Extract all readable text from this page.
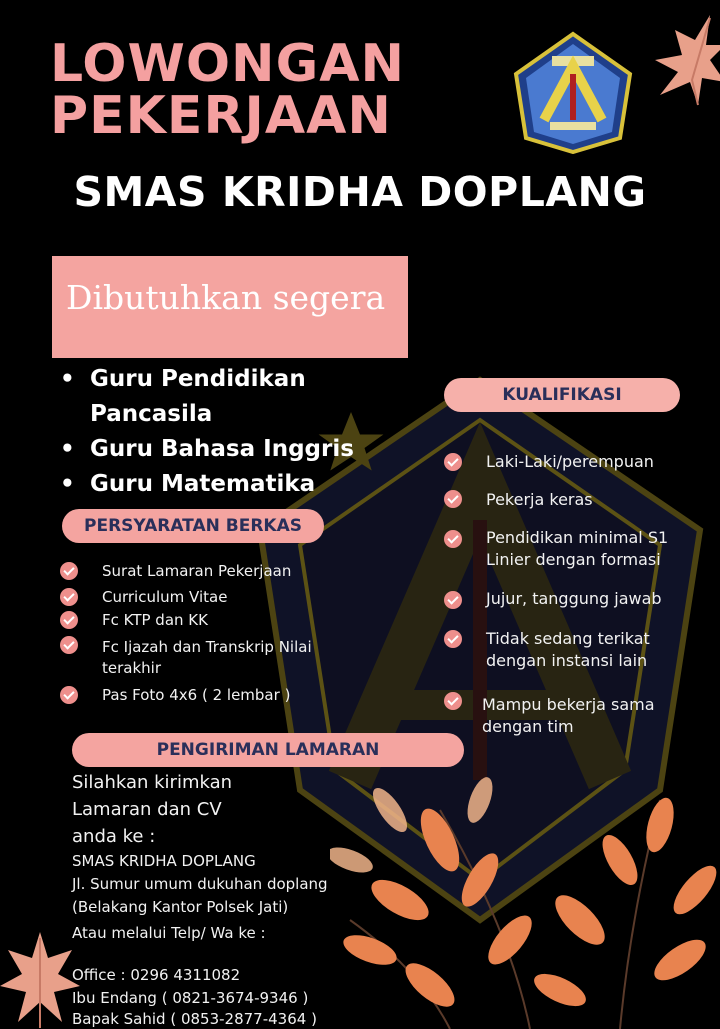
LOWONGAN
PEKERJAAN
SMAS KRIDHA DOPLANG
Dibutuhkan segera
• Guru Pendidikan
Pancasila
• Guru Bahasa Inggris
• Guru Matematika
KUALIFIKASI
Laki-Laki/perempuan
Pekerja keras
Pendidikan minimal S1
Linier dengan formasi
Jujur, tanggung jawab
Tidak sedang terikat
dengan instansi lain
Mampu bekerja sama
dengan tim
PERSYARATAN BERKAS
Surat Lamaran Pekerjaan
Curriculum Vitae
Fc KTP dan KK
Fc Ijazah dan Transkrip Nilai
terakhir
Pas Foto 4x6 ( 2 lembar )
PENGIRIMAN LAMARAN
Silahkan kirimkan
Lamaran dan CV
anda ke :
SMAS KRIDHA DOPLANG
Jl. Sumur umum dukuhan doplang
(Belakang Kantor Polsek Jati)
Atau melalui Telp/ Wa ke :
Office : 0296 4311082
Ibu Endang ( 0821-3674-9346 )
Bapak Sahid ( 0853-2877-4364 )
